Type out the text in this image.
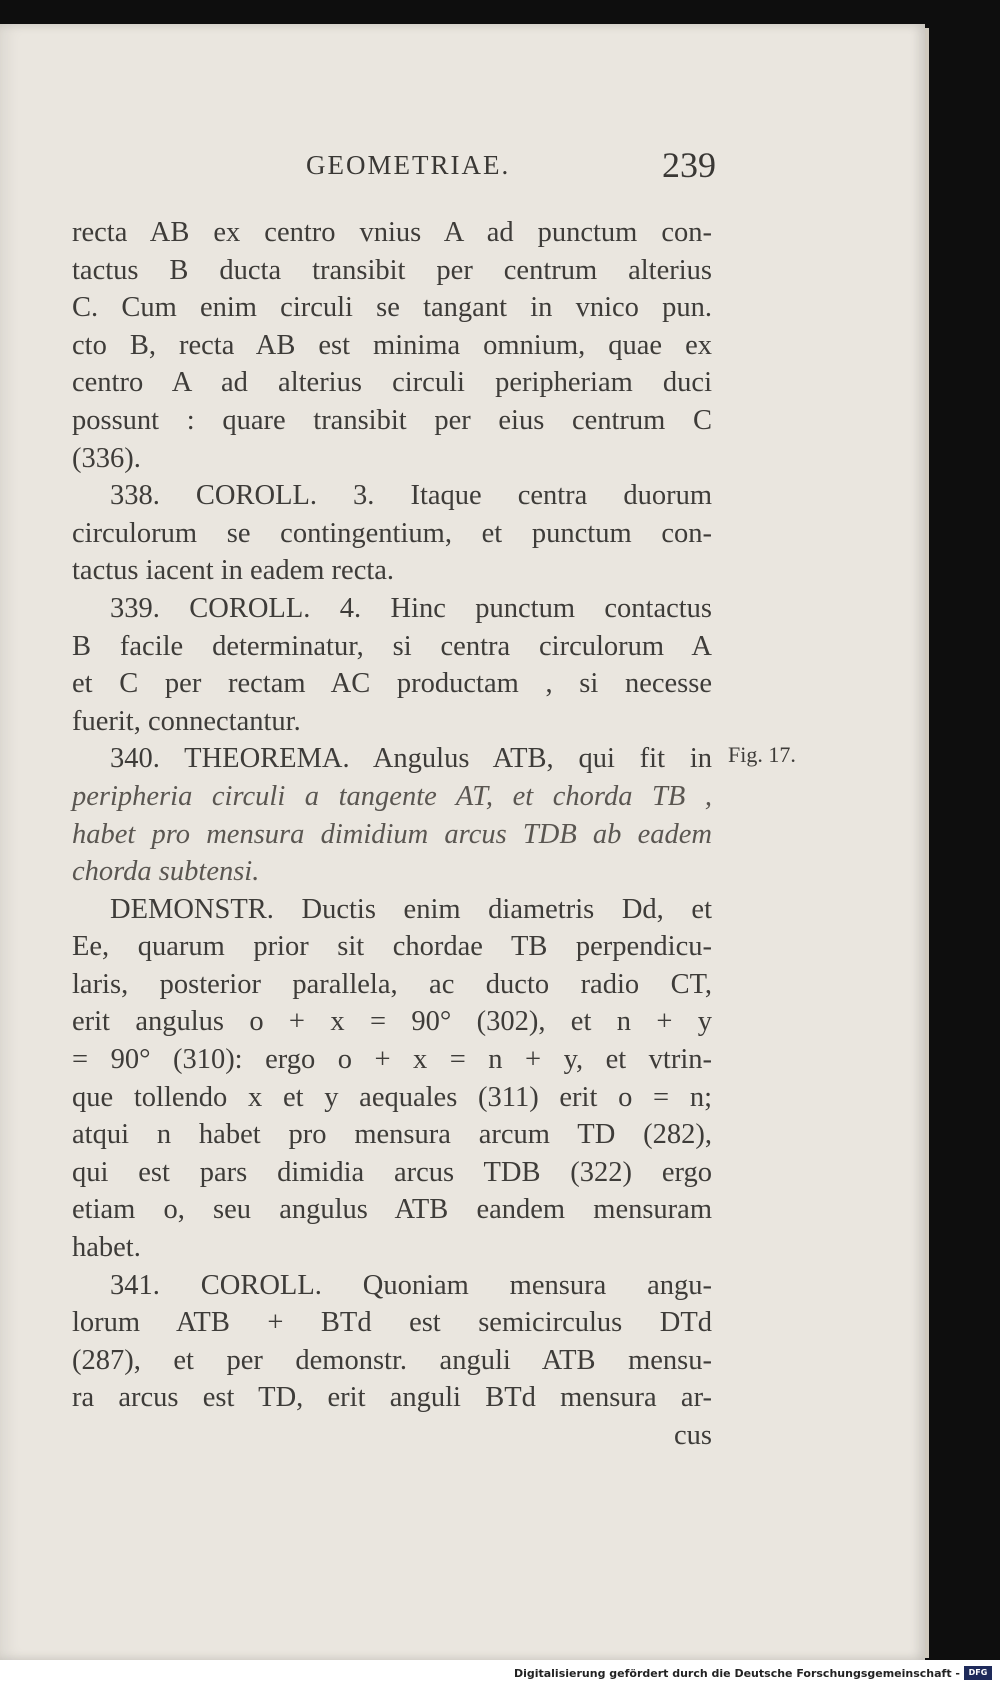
GEOMETRIAE.	239
recta AB ex centro vnius A ad punctum con-
tactus B ducta transibit per centrum alterius
C. Cum enim circuli se tangant in vnico pun.
cto B, recta AB est minima omnium, quae ex
centro A ad alterius circuli peripheriam duci
possunt : quare transibit per eius centrum C
(336).
338. COROLL. 3. Itaque centra duorum
circulorum se contingentium, et punctum con-
tactus iacent in eadem recta.
339. COROLL. 4. Hinc punctum contactus
B facile determinatur, si centra circulorum A
et C per rectam AC productam , si necesse
fuerit, connectantur.
340. THEOREMA. Angulus ATB, qui fit in
peripheria circuli a tangente AT, et chorda TB ,
habet pro mensura dimidium arcus TDB ab eadem
chorda subtensi.
DEMONSTR. Ductis enim diametris Dd, et
Ee, quarum prior sit chordae TB perpendicu-
laris, posterior parallela, ac ducto radio CT,
erit angulus o + x = 90° (302), et n + y
= 90° (310): ergo o + x = n + y, et vtrin-
que tollendo x et y aequales (311) erit o = n;
atqui n habet pro mensura arcum TD (282),
qui est pars dimidia arcus TDB (322) ergo
etiam o, seu angulus ATB eandem mensuram
habet.
341. COROLL. Quoniam mensura angu-
lorum ATB + BTd est semicirculus DTd
(287), et per demonstr. anguli ATB mensu-
ra arcus est TD, erit anguli BTd mensura ar-
cus
Fig. 17.
Digitalisierung gefördert durch die Deutsche Forschungsgemeinschaft -	DFG
